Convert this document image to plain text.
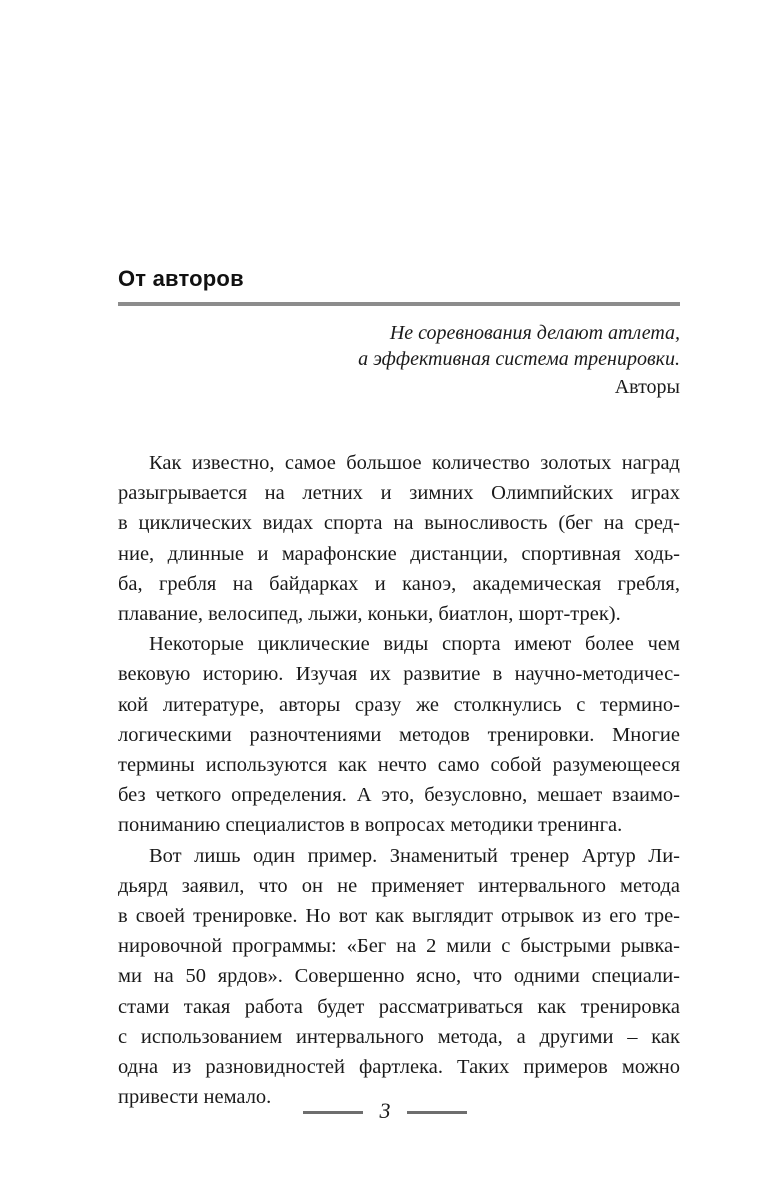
От авторов
Не соревнования делают атлета,
а эффективная система тренировки.
Авторы

Как известно, самое большое количество золотых наград
разыгрывается на летних и зимних Олимпийских играх
в циклических видах спорта на выносливость (бег на сред-
ние, длинные и марафонские дистанции, спортивная ходь-
ба, гребля на байдарках и каноэ, академическая гребля,
плавание, велосипед, лыжи, коньки, биатлон, шорт-трек).

Некоторые циклические виды спорта имеют более чем
вековую историю. Изучая их развитие в научно-методичес-
кой литературе, авторы сразу же столкнулись с термино-
логическими разночтениями методов тренировки. Многие
термины используются как нечто само собой разумеющееся
без четкого определения. А это, безусловно, мешает взаимо-
пониманию специалистов в вопросах методики тренинга.

Вот лишь один пример. Знаменитый тренер Артур Ли-
дьярд заявил, что он не применяет интервального метода
в своей тренировке. Но вот как выглядит отрывок из его тре-
нировочной программы: «Бег на 2 мили с быстрыми рывка-
ми на 50 ярдов». Совершенно ясно, что одними специали-
стами такая работа будет рассматриваться как тренировка
с использованием интервального метода, а другими – как
одна из разновидностей фартлека. Таких примеров можно
привести немало.

3
